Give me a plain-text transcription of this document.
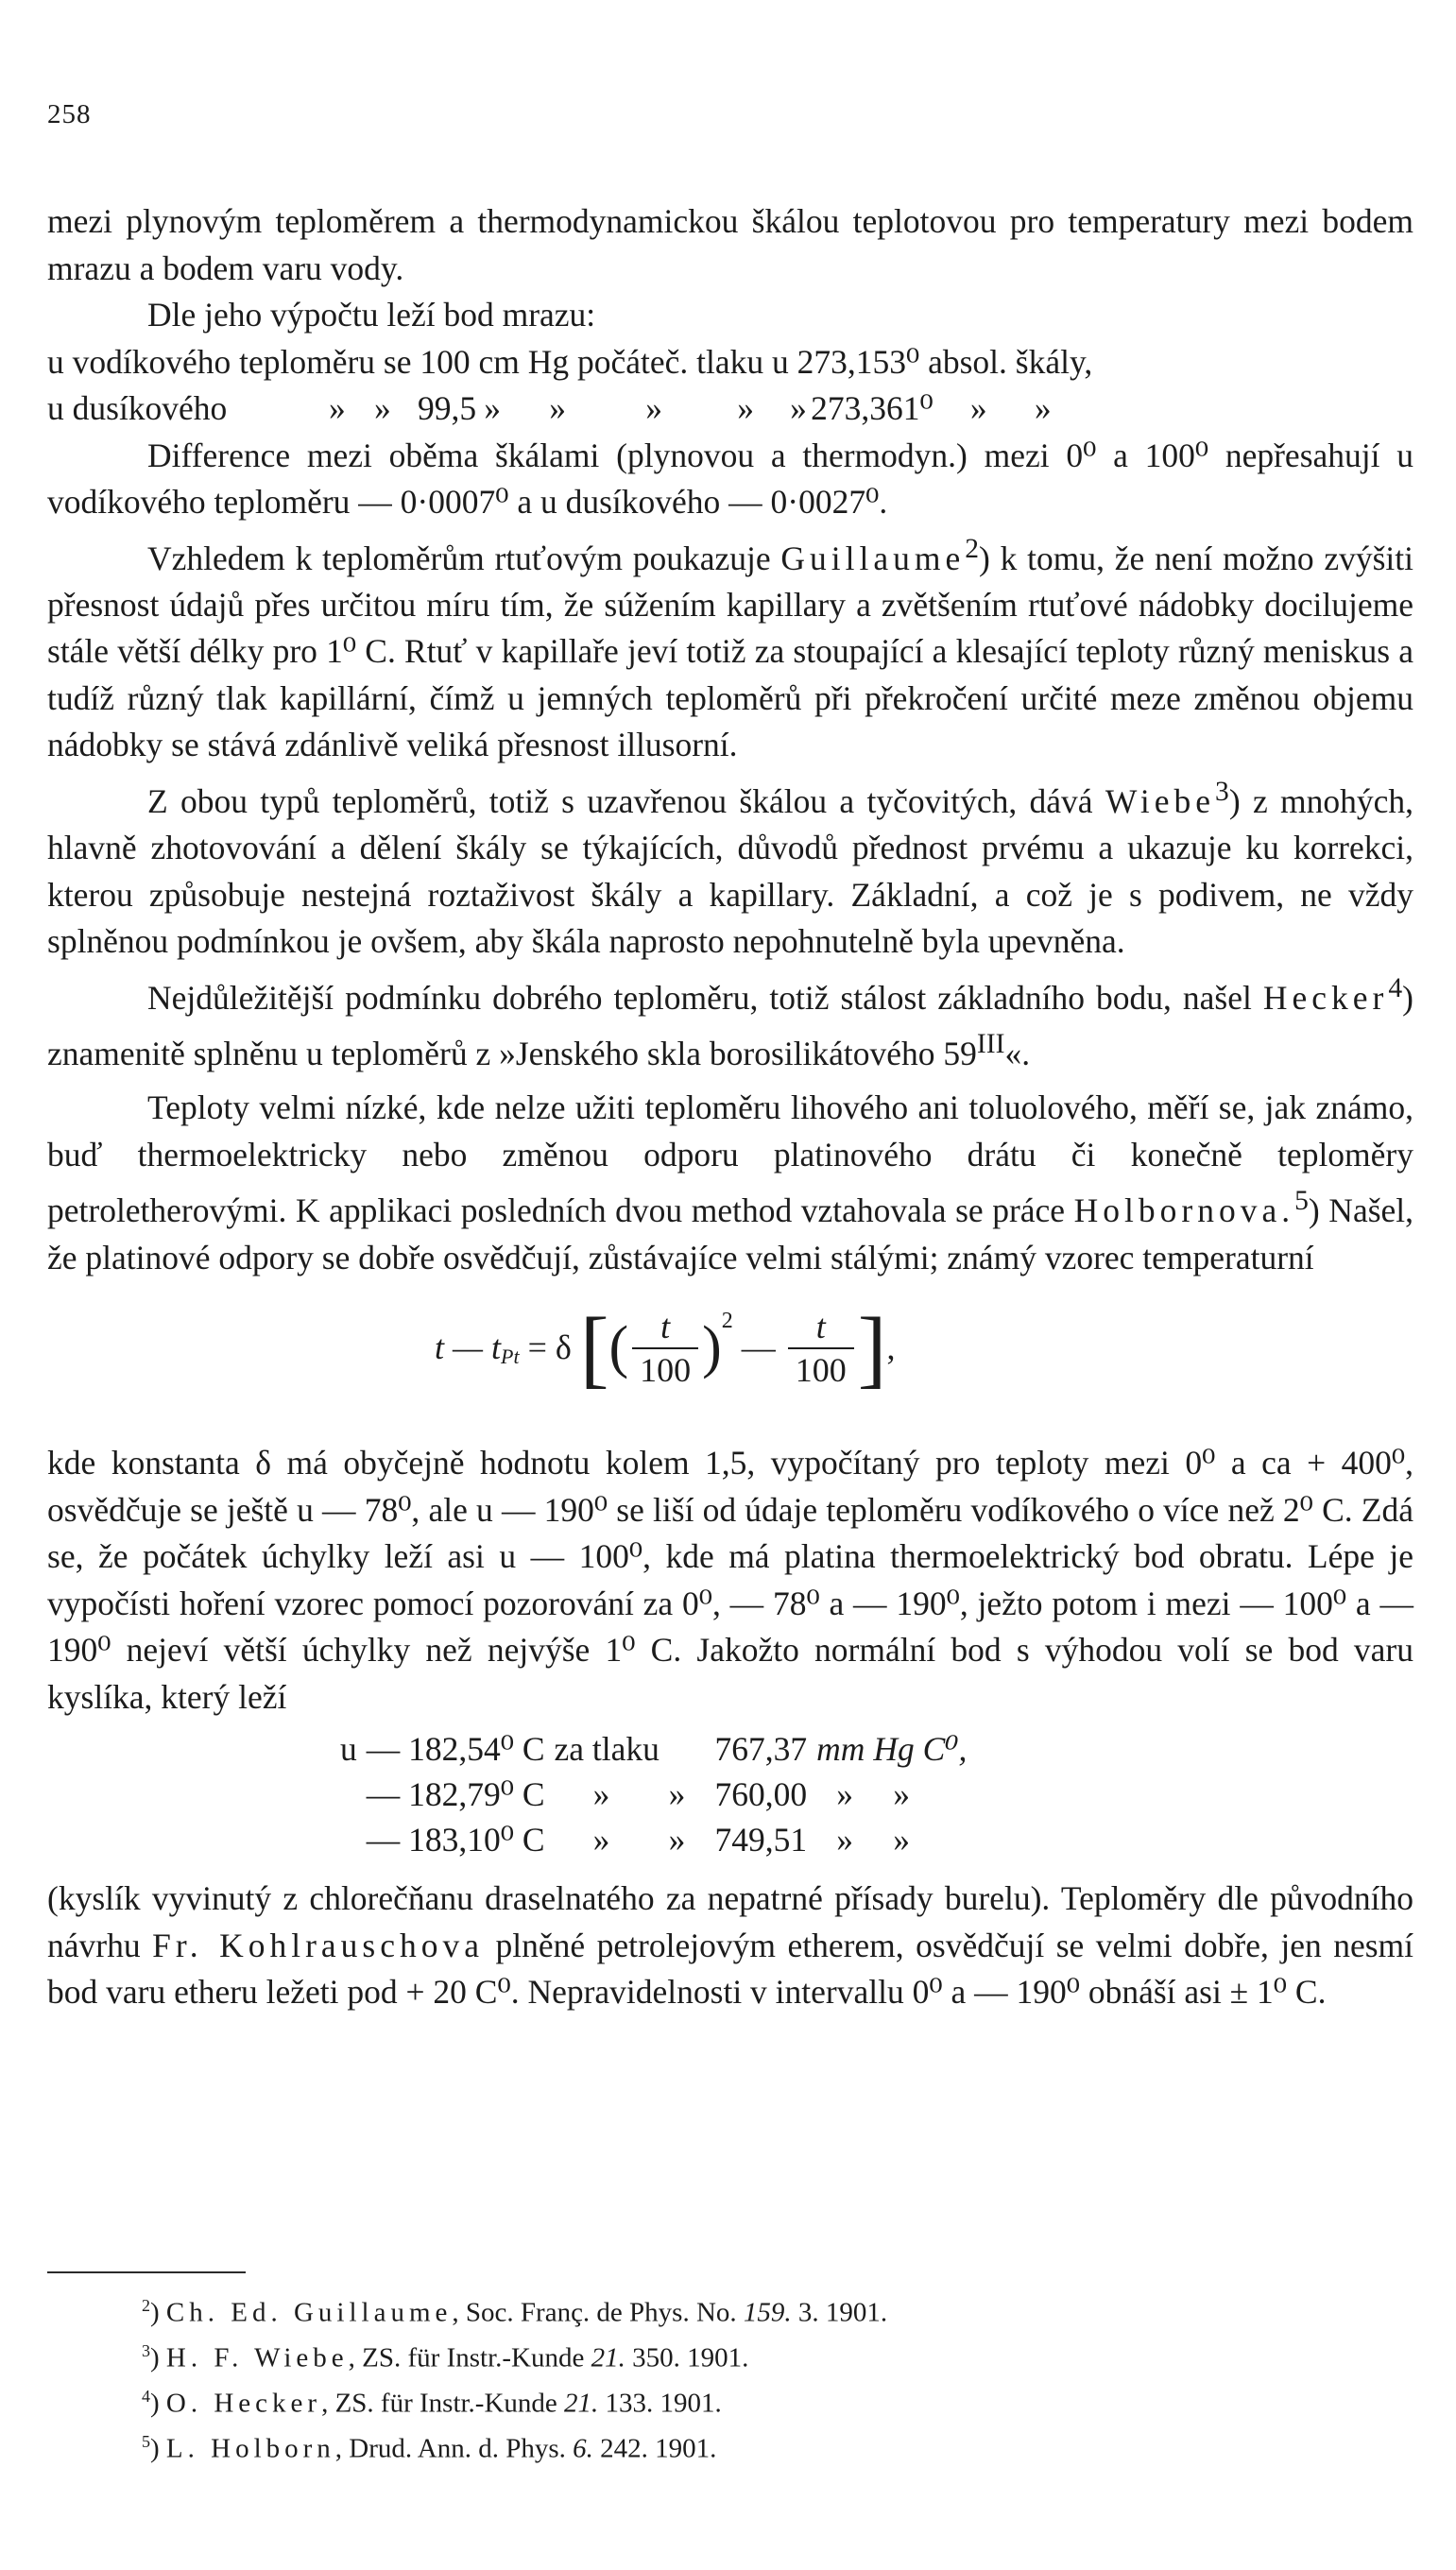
258

mezi plynovým teploměrem a thermodynamickou škálou teplotovou pro temperatury mezi bodem mrazu a bodem varu vody.

Dle jeho výpočtu leží bod mrazu:

u vodíkového teploměru se 100 cm Hg počáteč. tlaku u 273,153⁰ absol. škály,

u dusíkového	» » 99,5 » » » » » 273,361⁰ » »

Difference mezi oběma škálami (plynovou a thermodyn.) mezi 0⁰ a 100⁰ nepřesahují u vodíkového teploměru — 0·0007⁰ a u dusíkového — 0·0027⁰.

Vzhledem k teploměrům rtuťovým poukazuje Guillaume$^2$) k tomu, že není možno zvýšiti přesnost údajů přes určitou míru tím, že súžením kapillary a zvětšením rtuťové nádobky docilujeme stále větší délky pro 1⁰ C. Rtuť v kapillaře jeví totiž za stoupající a klesající teploty různý meniskus a tudíž různý tlak kapillární, čímž u jemných teploměrů při překročení určité meze změnou objemu nádobky se stává zdánlivě veliká přesnost illusorní.

Z obou typů teploměrů, totiž s uzavřenou škálou a tyčovitých, dává Wiebe$^3$) z mnohých, hlavně zhotovování a dělení škály se týkajících, důvodů přednost prvému a ukazuje ku korrekci, kterou způsobuje nestejná roztaživost škály a kapillary. Základní, a což je s podivem, ne vždy splněnou podmínkou je ovšem, aby škála naprosto nepohnutelně byla upevněna.

Nejdůležitější podmínku dobrého teploměru, totiž stálost základního bodu, našel Hecker$^4$) znamenitě splněnu u teploměrů z »Jenského skla borosilikátového $59^{III}«$.

Teploty velmi nízké, kde nelze užiti teploměru lihového ani toluolového, měří se, jak známo, buď thermoelektricky nebo změnou odporu platinového drátu či konečně teploměry petroletherovými. K applikaci posledních dvou method vztahovala se práce Holbornova.$^5$) Našel, že platinové odpory se dobře osvědčují, zůstávajíce velmi stálými; známý vzorec temperaturní

t — $t_{Pt} = \delta$ [( $\frac{t}{100} )^2$ — $\frac{t}{100}$ ],

kde konstanta δ má obyčejně hodnotu kolem 1,5, vypočítaný pro teploty mezi 0⁰ a ca + 400⁰, osvědčuje se ještě u — 78⁰, ale u — 190⁰ se liší od údaje teploměru vodíkového o více než 2⁰ C. Zdá se, že počátek úchylky leží asi u — 100⁰, kde má platina thermoelektrický bod obratu. Lépe je vypočísti hoření vzorec pomocí pozorování za 0⁰, — 78⁰ a — 190⁰, ježto potom i mezi — 100⁰ a — 190⁰ nejeví větší úchylky než nejvýše 1⁰ C. Jakožto normální bod s výhodou volí se bod varu kyslíka, který leží

u	— 182,54⁰ C	za tlaku	767,37	mm Hg C⁰,
	— 182,79⁰ C	» »	760,00	» »
	— 183,10⁰ C	» »	749,51	» »

(kyslík vyvinutý z chlorečňanu draselnatého za nepatrné přísady burelu). Teploměry dle původního návrhu Fr. Kohlrauschova plněné petrolejovým etherem, osvědčují se velmi dobře, jen nesmí bod varu etheru ležeti pod + 20 C⁰. Nepravidelnosti v intervallu 0⁰ a — 190⁰ obnáší asi ± 1⁰ C.

$^2$) Ch. Ed. Guillaume, Soc. Franç. de Phys. No. 159. 3. 1901.

$^3$) H. F. Wiebe, ZS. für Instr.-Kunde 21. 350. 1901.

$^4$) O. Hecker, ZS. für Instr.-Kunde 21. 133. 1901.

$^5$) L. Holborn, Drud. Ann. d. Phys. 6. 242. 1901.
